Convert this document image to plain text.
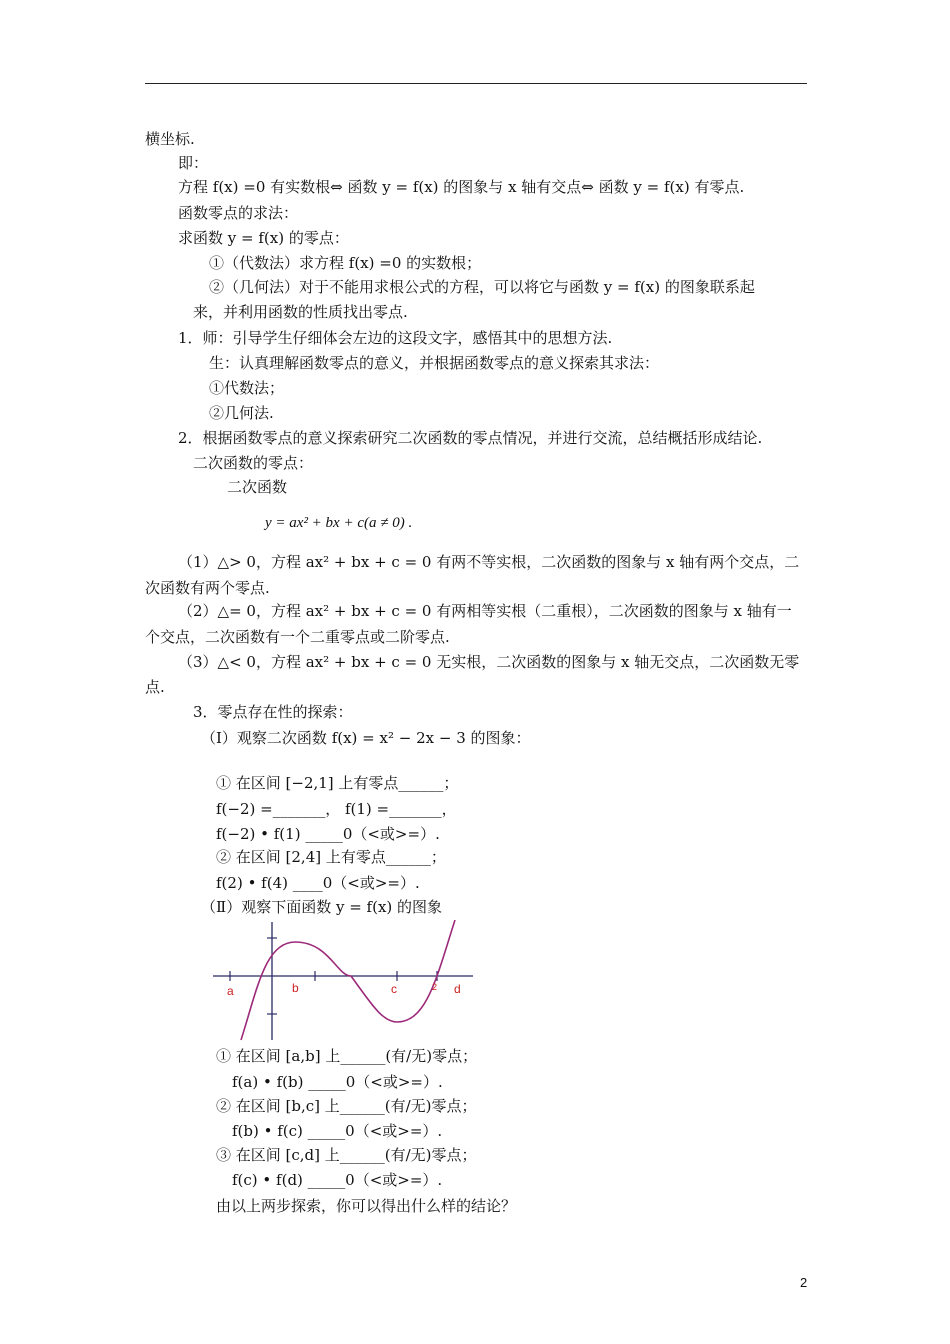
横坐标.
即：
方程 f(x) =0 有实数根⇔ 函数 y = f(x) 的图象与 x 轴有交点⇔ 函数 y = f(x) 有零点.
函数零点的求法：
求函数 y = f(x) 的零点：
①（代数法）求方程 f(x) =0 的实数根；
②（几何法）对于不能用求根公式的方程，可以将它与函数 y = f(x) 的图象联系起
来，并利用函数的性质找出零点.
1．师：引导学生仔细体会左边的这段文字，感悟其中的思想方法.
生：认真理解函数零点的意义，并根据函数零点的意义探索其求法：
①代数法；
②几何法.
2．根据函数零点的意义探索研究二次函数的零点情况，并进行交流，总结概括形成结论.
二次函数的零点：
二次函数
y = ax² + bx + c(a ≠ 0) .
（1）△> 0，方程 ax² + bx + c = 0 有两不等实根，二次函数的图象与 x 轴有两个交点，二
次函数有两个零点.
（2）△= 0，方程 ax² + bx + c = 0 有两相等实根（二重根），二次函数的图象与 x 轴有一
个交点，二次函数有一个二重零点或二阶零点.
（3）△< 0，方程 ax² + bx + c = 0 无实根，二次函数的图象与 x 轴无交点，二次函数无零
点.
3．零点存在性的探索：
（Ⅰ）观察二次函数 f(x) = x² − 2x − 3 的图象：
① 在区间 [−2,1] 上有零点______；
f(−2) =_______， f(1) =_______，
f(−2) • f(1) _____0（<或>=）.
② 在区间 [2,4] 上有零点______；
f(2) • f(4) ____0（<或>=）.
（Ⅱ）观察下面函数 y = f(x) 的图象
a	b	c	2 d
① 在区间 [a,b] 上______(有/无)零点；
f(a) • f(b) _____0（<或>=）.
② 在区间 [b,c] 上______(有/无)零点；
f(b) • f(c) _____0（<或>=）.
③ 在区间 [c,d] 上______(有/无)零点；
f(c) • f(d) _____0（<或>=）.
由以上两步探索，你可以得出什么样的结论？
2
